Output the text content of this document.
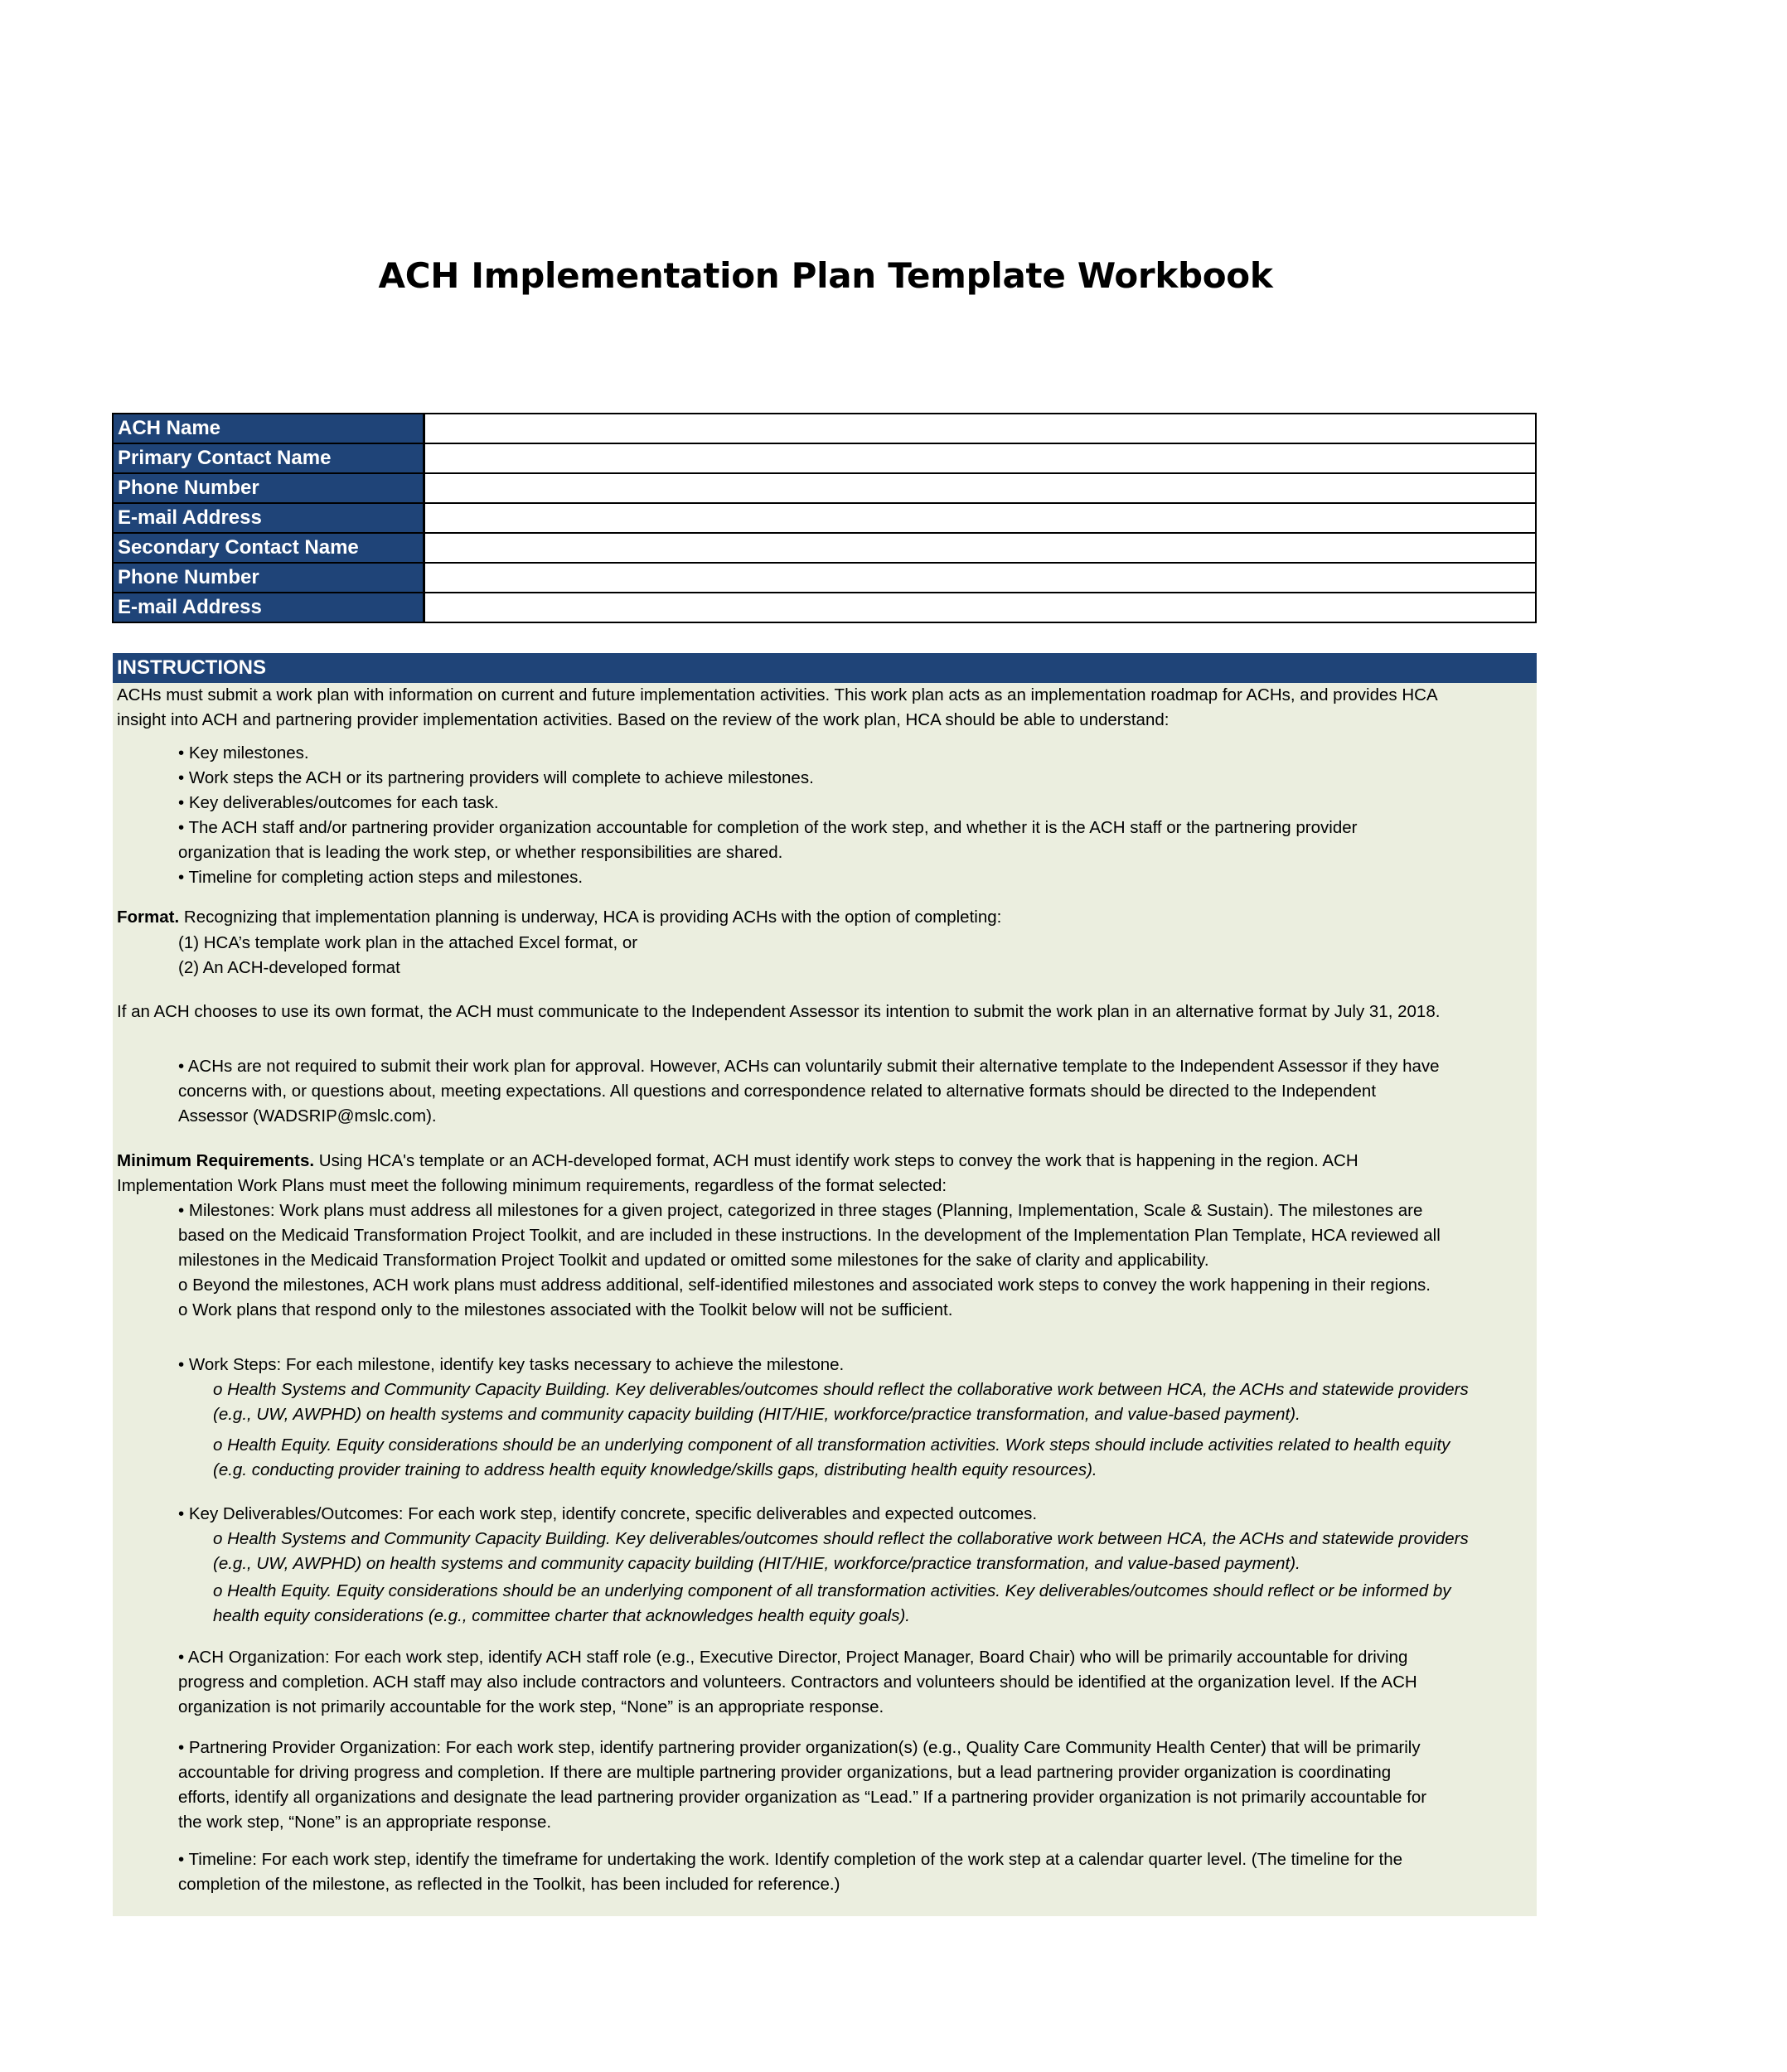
ACH Implementation Plan Template Workbook
ACH Name	
Primary Contact Name	
Phone Number	
E-mail Address	
Secondary Contact Name	
Phone Number	
E-mail Address	
INSTRUCTIONS
ACHs must submit a work plan with information on current and future implementation activities. This work plan acts as an implementation roadmap for ACHs, and provides HCA
insight into ACH and partnering provider implementation activities. Based on the review of the work plan, HCA should be able to understand:
• Key milestones.
• Work steps the ACH or its partnering providers will complete to achieve milestones.
• Key deliverables/outcomes for each task.
• The ACH staff and/or partnering provider organization accountable for completion of the work step, and whether it is the ACH staff or the partnering provider
organization that is leading the work step, or whether responsibilities are shared.
• Timeline for completing action steps and milestones.
Format. Recognizing that implementation planning is underway, HCA is providing ACHs with the option of completing:
(1) HCA’s template work plan in the attached Excel format, or
(2) An ACH-developed format
If an ACH chooses to use its own format, the ACH must communicate to the Independent Assessor its intention to submit the work plan in an alternative format by July 31, 2018.
• ACHs are not required to submit their work plan for approval. However, ACHs can voluntarily submit their alternative template to the Independent Assessor if they have
concerns with, or questions about, meeting expectations. All questions and correspondence related to alternative formats should be directed to the Independent
Assessor (WADSRIP@mslc.com).
Minimum Requirements. Using HCA's template or an ACH-developed format, ACH must identify work steps to convey the work that is happening in the region. ACH
Implementation Work Plans must meet the following minimum requirements, regardless of the format selected:
• Milestones: Work plans must address all milestones for a given project, categorized in three stages (Planning, Implementation, Scale & Sustain). The milestones are
based on the Medicaid Transformation Project Toolkit, and are included in these instructions. In the development of the Implementation Plan Template, HCA reviewed all
milestones in the Medicaid Transformation Project Toolkit and updated or omitted some milestones for the sake of clarity and applicability.
o Beyond the milestones, ACH work plans must address additional, self-identified milestones and associated work steps to convey the work happening in their regions.
o Work plans that respond only to the milestones associated with the Toolkit below will not be sufficient.
• Work Steps: For each milestone, identify key tasks necessary to achieve the milestone.
o Health Systems and Community Capacity Building. Key deliverables/outcomes should reflect the collaborative work between HCA, the ACHs and statewide providers
(e.g., UW, AWPHD) on health systems and community capacity building (HIT/HIE, workforce/practice transformation, and value-based payment).
o Health Equity. Equity considerations should be an underlying component of all transformation activities. Work steps should include activities related to health equity
(e.g. conducting provider training to address health equity knowledge/skills gaps, distributing health equity resources).
• Key Deliverables/Outcomes: For each work step, identify concrete, specific deliverables and expected outcomes.
o Health Systems and Community Capacity Building. Key deliverables/outcomes should reflect the collaborative work between HCA, the ACHs and statewide providers
(e.g., UW, AWPHD) on health systems and community capacity building (HIT/HIE, workforce/practice transformation, and value-based payment).
o Health Equity. Equity considerations should be an underlying component of all transformation activities. Key deliverables/outcomes should reflect or be informed by
health equity considerations (e.g., committee charter that acknowledges health equity goals).
• ACH Organization: For each work step, identify ACH staff role (e.g., Executive Director, Project Manager, Board Chair) who will be primarily accountable for driving
progress and completion. ACH staff may also include contractors and volunteers. Contractors and volunteers should be identified at the organization level. If the ACH
organization is not primarily accountable for the work step, “None” is an appropriate response.
• Partnering Provider Organization: For each work step, identify partnering provider organization(s) (e.g., Quality Care Community Health Center) that will be primarily
accountable for driving progress and completion. If there are multiple partnering provider organizations, but a lead partnering provider organization is coordinating
efforts, identify all organizations and designate the lead partnering provider organization as “Lead.” If a partnering provider organization is not primarily accountable for
the work step, “None” is an appropriate response.
• Timeline: For each work step, identify the timeframe for undertaking the work. Identify completion of the work step at a calendar quarter level. (The timeline for the
completion of the milestone, as reflected in the Toolkit, has been included for reference.)
